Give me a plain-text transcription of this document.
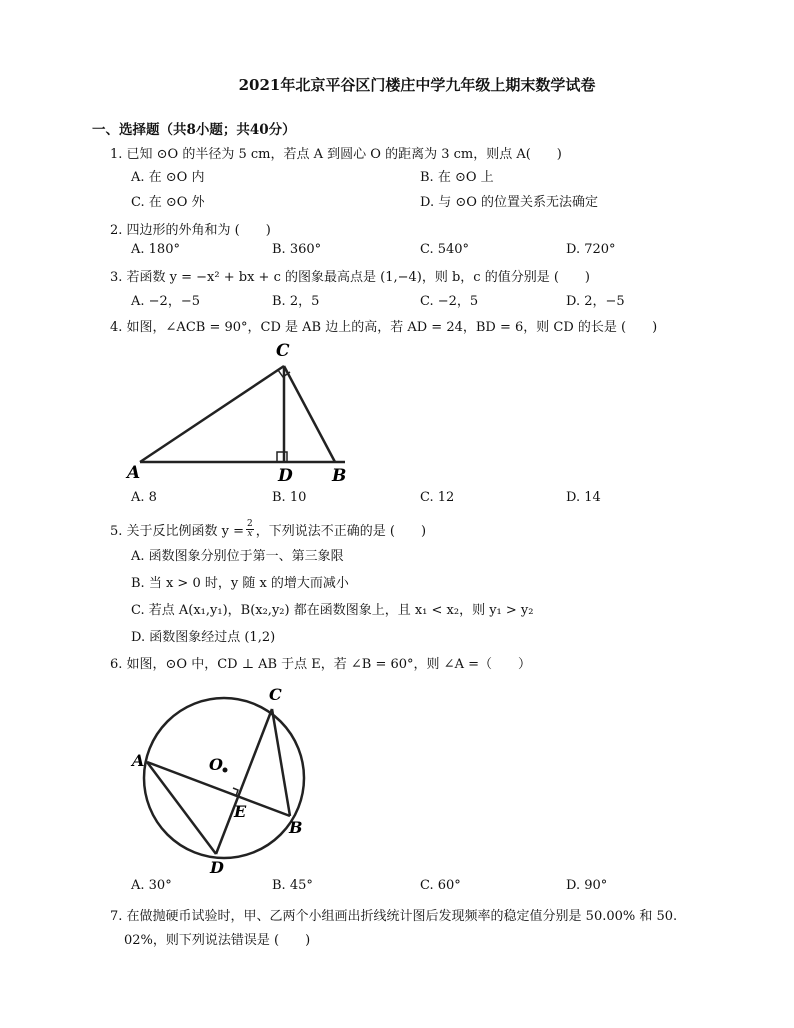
2021年北京平谷区门楼庄中学九年级上期末数学试卷
一、选择题（共8小题；共40分）
1. 已知 ⊙O 的半径为 5 cm，若点 A 到圆心 O 的距离为 3 cm，则点 A(　　)
A. 在 ⊙O 内	B. 在 ⊙O 上
C. 在 ⊙O 外	D. 与 ⊙O 的位置关系无法确定
2. 四边形的外角和为 (　　)
A. 180°	B. 360°	C. 540°	D. 720°
3. 若函数 y = −x² + bx + c 的图象最高点是 (1,−4)，则 b，c 的值分别是 (　　)
A. −2，−5	B. 2，5	C. −2，5	D. 2，−5
4. 如图，∠ACB = 90°，CD 是 AB 边上的高，若 AD = 24，BD = 6，则 CD 的长是 (　　)
C
A	D B
A. 8	B. 10	C. 12	D. 14
5. 关于反比例函数 $y = \frac{2}{x}$ ，下列说法不正确的是 (　　)
A. 函数图象分别位于第一、第三象限
B. 当 x > 0 时，y 随 x 的增大而减小
C. 若点 A(x₁,y₁)，B(x₂,y₂) 都在函数图象上，且 x₁ < x₂，则 y₁ > y₂
D. 函数图象经过点 (1,2)
6. 如图，⊙O 中，CD ⊥ AB 于点 E，若 ∠B = 60°，则 ∠A =（　　）
C
A	O
E
B
D
A. 30°	B. 45°	C. 60°	D. 90°
7. 在做抛硬币试验时，甲、乙两个小组画出折线统计图后发现频率的稳定值分别是 50.00% 和 50.
02%，则下列说法错误是 (　　)
